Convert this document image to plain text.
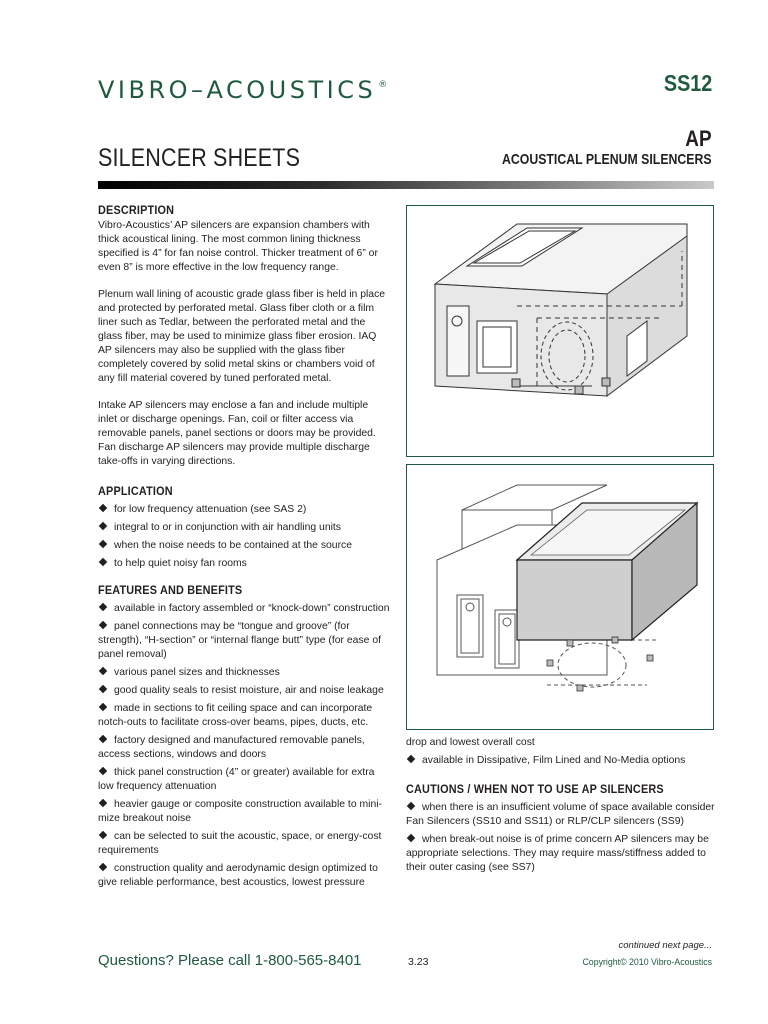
VIBRO–ACOUSTICS ®	SS12
SILENCER SHEETS
AP
ACOUSTICAL PLENUM SILENCERS
DESCRIPTION

Vibro-Acoustics’ AP silencers are expansion chambers with thick acoustical lining. The most common lining thickness specified is 4” for fan noise control. Thicker treatment of 6” or even 8” is more effective in the low frequency range.

Plenum wall lining of acoustic grade glass fiber is held in place and protected by perforated metal. Glass fiber cloth or a film liner such as Tedlar, between the perforated metal and the glass fiber, may be used to minimize glass fiber erosion. IAQ AP silencers may also be supplied with the glass fiber completely covered by solid metal skins or chambers void of any fill material covered by tuned perforated metal.

Intake AP silencers may enclose a fan and include multiple inlet or discharge openings. Fan, coil or filter access via removable panels, panel sections or doors may be provided. Fan discharge AP silencers may provide multiple discharge take-offs in varying directions.

APPLICATION
for low frequency attenuation (see SAS 2)
integral to or in conjunction with air handling units
when the noise needs to be contained at the source
to help quiet noisy fan rooms
FEATURES AND BENEFITS
available in factory assembled or “knock-down” construction
panel connections may be “tongue and groove” (for strength), “H-section” or “internal flange butt” type (for ease of panel removal)
various panel sizes and thicknesses
good quality seals to resist moisture, air and noise leakage
made in sections to fit ceiling space and can incorporate notch-outs to facilitate cross-over beams, pipes, ducts, etc.
factory designed and manufactured removable panels, access sections, windows and doors
thick panel construction (4” or greater) available for extra low frequency attenuation
heavier gauge or composite construction available to mini-mize breakout noise
can be selected to suit the acoustic, space, or energy-cost requirements
construction quality and aerodynamic design optimized to give reliable performance, best acoustics, lowest pressure
drop and lowest overall cost
available in Dissipative, Film Lined and No-Media options
CAUTIONS / WHEN NOT TO USE AP SILENCERS
when there is an insufficient volume of space available consider Fan Silencers (SS10 and SS11) or RLP/CLP silencers (SS9)
when break-out noise is of prime concern AP silencers may be appropriate selections. They may require mass/stiffness added to their outer casing (see SS7)
continued next page...
Questions? Please call 1-800-565-8401	3.23	Copyright© 2010 Vibro-Acoustics
